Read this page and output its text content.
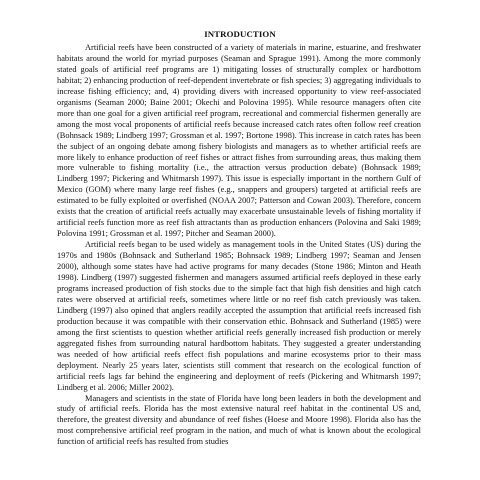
INTRODUCTION

Artificial reefs have been constructed of a variety of materials in marine, estuarine, and freshwater habitats around the world for myriad purposes (Seaman and Sprague 1991). Among the more commonly stated goals of artificial reef programs are 1) mitigating losses of structurally complex or hardbottom habitat; 2) enhancing production of reef-dependent invertebrate or fish species; 3) aggregating individuals to increase fishing efficiency; and, 4) providing divers with increased opportunity to view reef-associated organisms (Seaman 2000; Baine 2001; Okechi and Polovina 1995). While resource managers often cite more than one goal for a given artificial reef program, recreational and commercial fishermen generally are among the most vocal proponents of artificial reefs because increased catch rates often follow reef creation (Bohnsack 1989; Lindberg 1997; Grossman et al. 1997; Bortone 1998). This increase in catch rates has been the subject of an ongoing debate among fishery biologists and managers as to whether artificial reefs are more likely to enhance production of reef fishes or attract fishes from surrounding areas, thus making them more vulnerable to fishing mortality (i.e., the attraction versus production debate) (Bohnsack 1989; Lindberg 1997; Pickering and Whitmarsh 1997). This issue is especially important in the northern Gulf of Mexico (GOM) where many large reef fishes (e.g., snappers and groupers) targeted at artificial reefs are estimated to be fully exploited or overfished (NOAA 2007; Patterson and Cowan 2003). Therefore, concern exists that the creation of artificial reefs actually may exacerbate unsustainable levels of fishing mortality if artificial reefs function more as reef fish attractants than as production enhancers (Polovina and Saki 1989; Polovina 1991; Grossman et al. 1997; Pitcher and Seaman 2000).

Artificial reefs began to be used widely as management tools in the United States (US) during the 1970s and 1980s (Bohnsack and Sutherland 1985; Bohnsack 1989; Lindberg 1997; Seaman and Jensen 2000), although some states have had active programs for many decades (Stone 1986; Minton and Heath 1998). Lindberg (1997) suggested fishermen and managers assumed artificial reefs deployed in these early programs increased production of fish stocks due to the simple fact that high fish densities and high catch rates were observed at artificial reefs, sometimes where little or no reef fish catch previously was taken. Lindberg (1997) also opined that anglers readily accepted the assumption that artificial reefs increased fish production because it was compatible with their conservation ethic. Bohnsack and Sutherland (1985) were among the first scientists to question whether artificial reefs generally increased fish production or merely aggregated fishes from surrounding natural hardbottom habitats. They suggested a greater understanding was needed of how artificial reefs effect fish populations and marine ecosystems prior to their mass deployment. Nearly 25 years later, scientists still comment that research on the ecological function of artificial reefs lags far behind the engineering and deployment of reefs (Pickering and Whitmarsh 1997; Lindberg et al. 2006; Miller 2002).

Managers and scientists in the state of Florida have long been leaders in both the development and study of artificial reefs. Florida has the most extensive natural reef habitat in the continental US and, therefore, the greatest diversity and abundance of reef fishes (Hoese and Moore 1998). Florida also has the most comprehensive artificial reef program in the nation, and much of what is known about the ecological function of artificial reefs has resulted from studies
